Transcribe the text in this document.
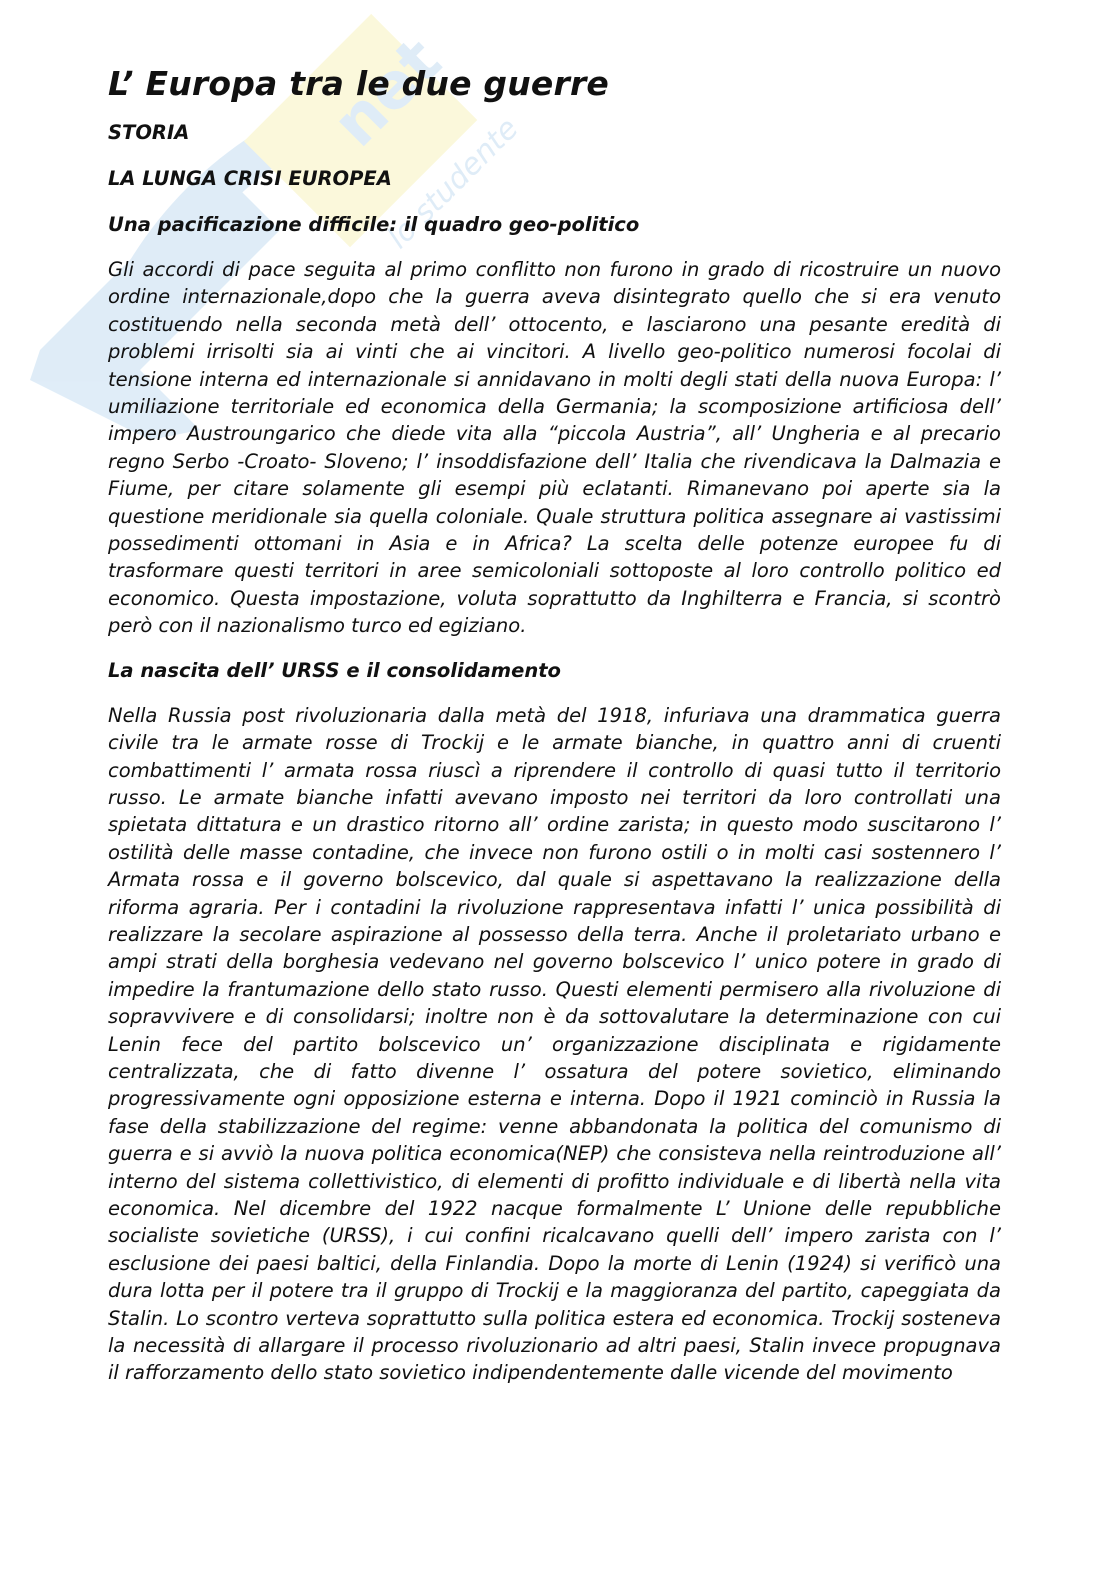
net
lo studente
L’ Europa tra le due guerre
STORIA
LA LUNGA CRISI EUROPEA
Una pacificazione difficile: il quadro geo-politico

Gli accordi di pace seguita al primo conflitto non furono in grado di ricostruire un nuovo ordine internazionale,dopo che la guerra aveva disintegrato quello che si era venuto costituendo nella seconda metà dell’ ottocento, e lasciarono una pesante eredità di problemi irrisolti sia ai vinti che ai vincitori. A livello geo-politico numerosi focolai di tensione interna ed internazionale si annidavano in molti degli stati della nuova Europa: l’ umiliazione territoriale ed economica della Germania; la scomposizione artificiosa dell’ impero Austroungarico che diede vita alla “piccola Austria”, all’ Ungheria e al precario regno Serbo -Croato- Sloveno; l’ insoddisfazione dell’ Italia che rivendicava la Dalmazia e Fiume, per citare solamente gli esempi più eclatanti. Rimanevano poi aperte sia la questione meridionale sia quella coloniale. Quale struttura politica assegnare ai vastissimi possedimenti ottomani in Asia e in Africa? La scelta delle potenze europee fu di trasformare questi territori in aree semicoloniali sottoposte al loro controllo politico ed economico. Questa impostazione, voluta soprattutto da Inghilterra e Francia, si scontrò però con il nazionalismo turco ed egiziano.

La nascita dell’ URSS e il consolidamento

Nella Russia post rivoluzionaria dalla metà del 1918, infuriava una drammatica guerra civile tra le armate rosse di Trockij e le armate bianche, in quattro anni di cruenti combattimenti l’ armata rossa riuscì a riprendere il controllo di quasi tutto il territorio russo. Le armate bianche infatti avevano imposto nei territori da loro controllati una spietata dittatura e un drastico ritorno all’ ordine zarista; in questo modo suscitarono l’ ostilità delle masse contadine, che invece non furono ostili o in molti casi sostennero l’ Armata rossa e il governo bolscevico, dal quale si aspettavano la realizzazione della riforma agraria. Per i contadini la rivoluzione rappresentava infatti l’ unica possibilità di realizzare la secolare aspirazione al possesso della terra. Anche il proletariato urbano e ampi strati della borghesia vedevano nel governo bolscevico l’ unico potere in grado di impedire la frantumazione dello stato russo. Questi elementi permisero alla rivoluzione di sopravvivere e di consolidarsi; inoltre non è da sottovalutare la determinazione con cui Lenin fece del partito bolscevico un’ organizzazione disciplinata e rigidamente centralizzata, che di fatto divenne l’ ossatura del potere sovietico, eliminando progressivamente ogni opposizione esterna e interna. Dopo il 1921 cominciò in Russia la fase della stabilizzazione del regime: venne abbandonata la politica del comunismo di guerra e si avviò la nuova politica economica(NEP) che consisteva nella reintroduzione all’ interno del sistema collettivistico, di elementi di profitto individuale e di libertà nella vita economica. Nel dicembre del 1922 nacque formalmente L’ Unione delle repubbliche socialiste sovietiche (URSS), i cui confini ricalcavano quelli dell’ impero zarista con l’ esclusione dei paesi baltici, della Finlandia. Dopo la morte di Lenin (1924) si verificò una dura lotta per il potere tra il gruppo di Trockij e la maggioranza del partito, capeggiata da Stalin. Lo scontro verteva soprattutto sulla politica estera ed economica. Trockij sosteneva la necessità di allargare il processo rivoluzionario ad altri paesi, Stalin invece propugnava il rafforzamento dello stato sovietico indipendentemente dalle vicende del movimento
